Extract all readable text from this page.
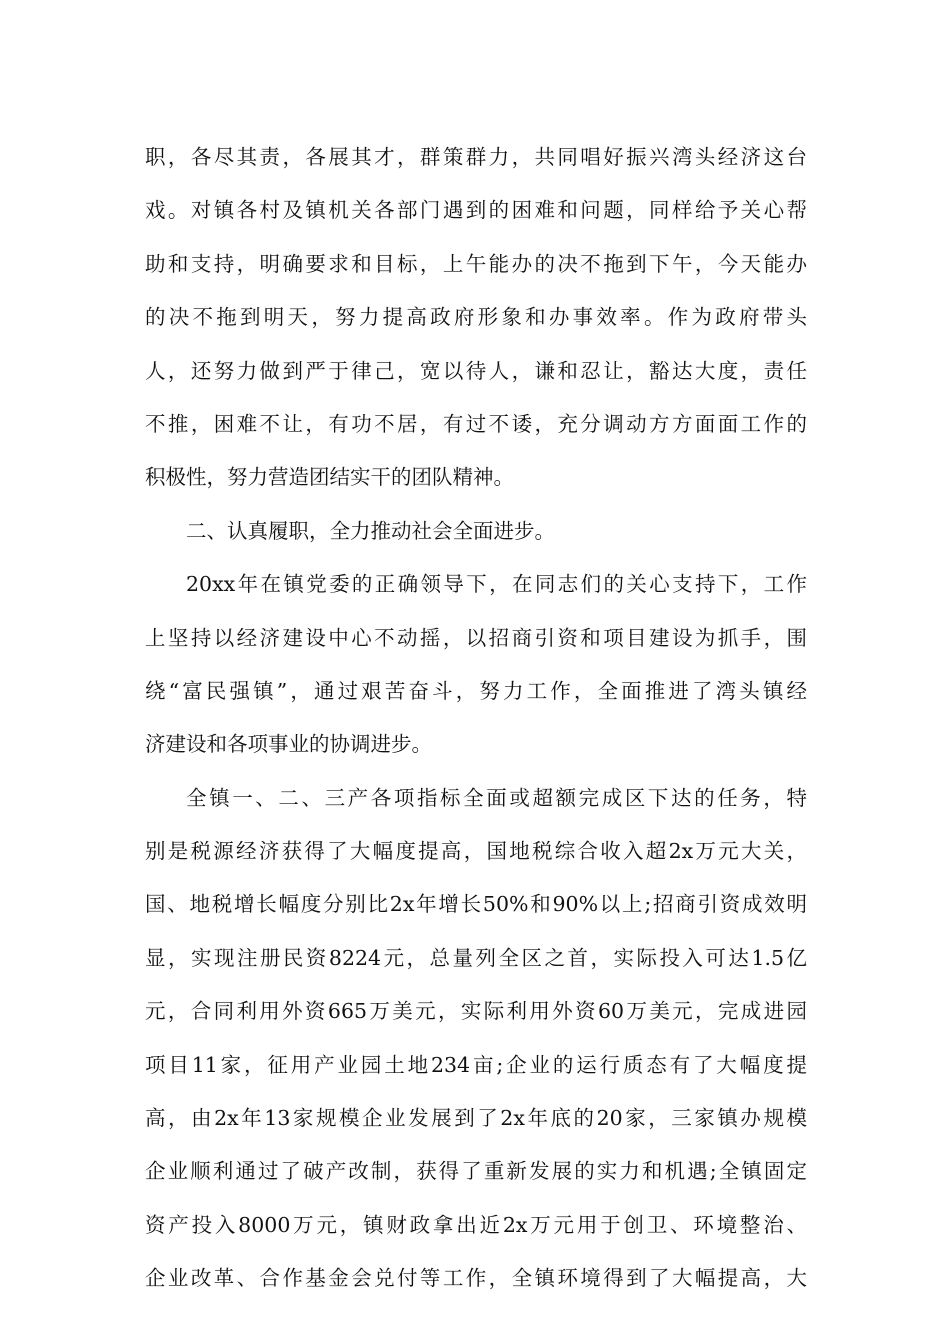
职，各尽其责，各展其才，群策群力，共同唱好振兴湾头经济这台
戏。对镇各村及镇机关各部门遇到的困难和问题，同样给予关心帮
助和支持，明确要求和目标，上午能办的决不拖到下午，今天能办
的决不拖到明天，努力提高政府形象和办事效率。作为政府带头
人，还努力做到严于律己，宽以待人，谦和忍让，豁达大度，责任
不推，困难不让，有功不居，有过不诿，充分调动方方面面工作的
积极性，努力营造团结实干的团队精神。
二、认真履职，全力推动社会全面进步。
20xx年在镇党委的正确领导下，在同志们的关心支持下，工作
上坚持以经济建设中心不动摇，以招商引资和项目建设为抓手，围
绕“富民强镇”，通过艰苦奋斗，努力工作，全面推进了湾头镇经
济建设和各项事业的协调进步。
全镇一、二、三产各项指标全面或超额完成区下达的任务，特
别是税源经济获得了大幅度提高，国地税综合收入超2x万元大关，
国、地税增长幅度分别比2x年增长50%和90%以上;招商引资成效明
显，实现注册民资8224元，总量列全区之首，实际投入可达1.5亿
元，合同利用外资665万美元，实际利用外资60万美元，完成进园
项目11家，征用产业园土地234亩;企业的运行质态有了大幅度提
高，由2x年13家规模企业发展到了2x年底的20家，三家镇办规模
企业顺利通过了破产改制，获得了重新发展的实力和机遇;全镇固定
资产投入8000万元，镇财政拿出近2x万元用于创卫、环境整治、
企业改革、合作基金会兑付等工作，全镇环境得到了大幅提高，大
